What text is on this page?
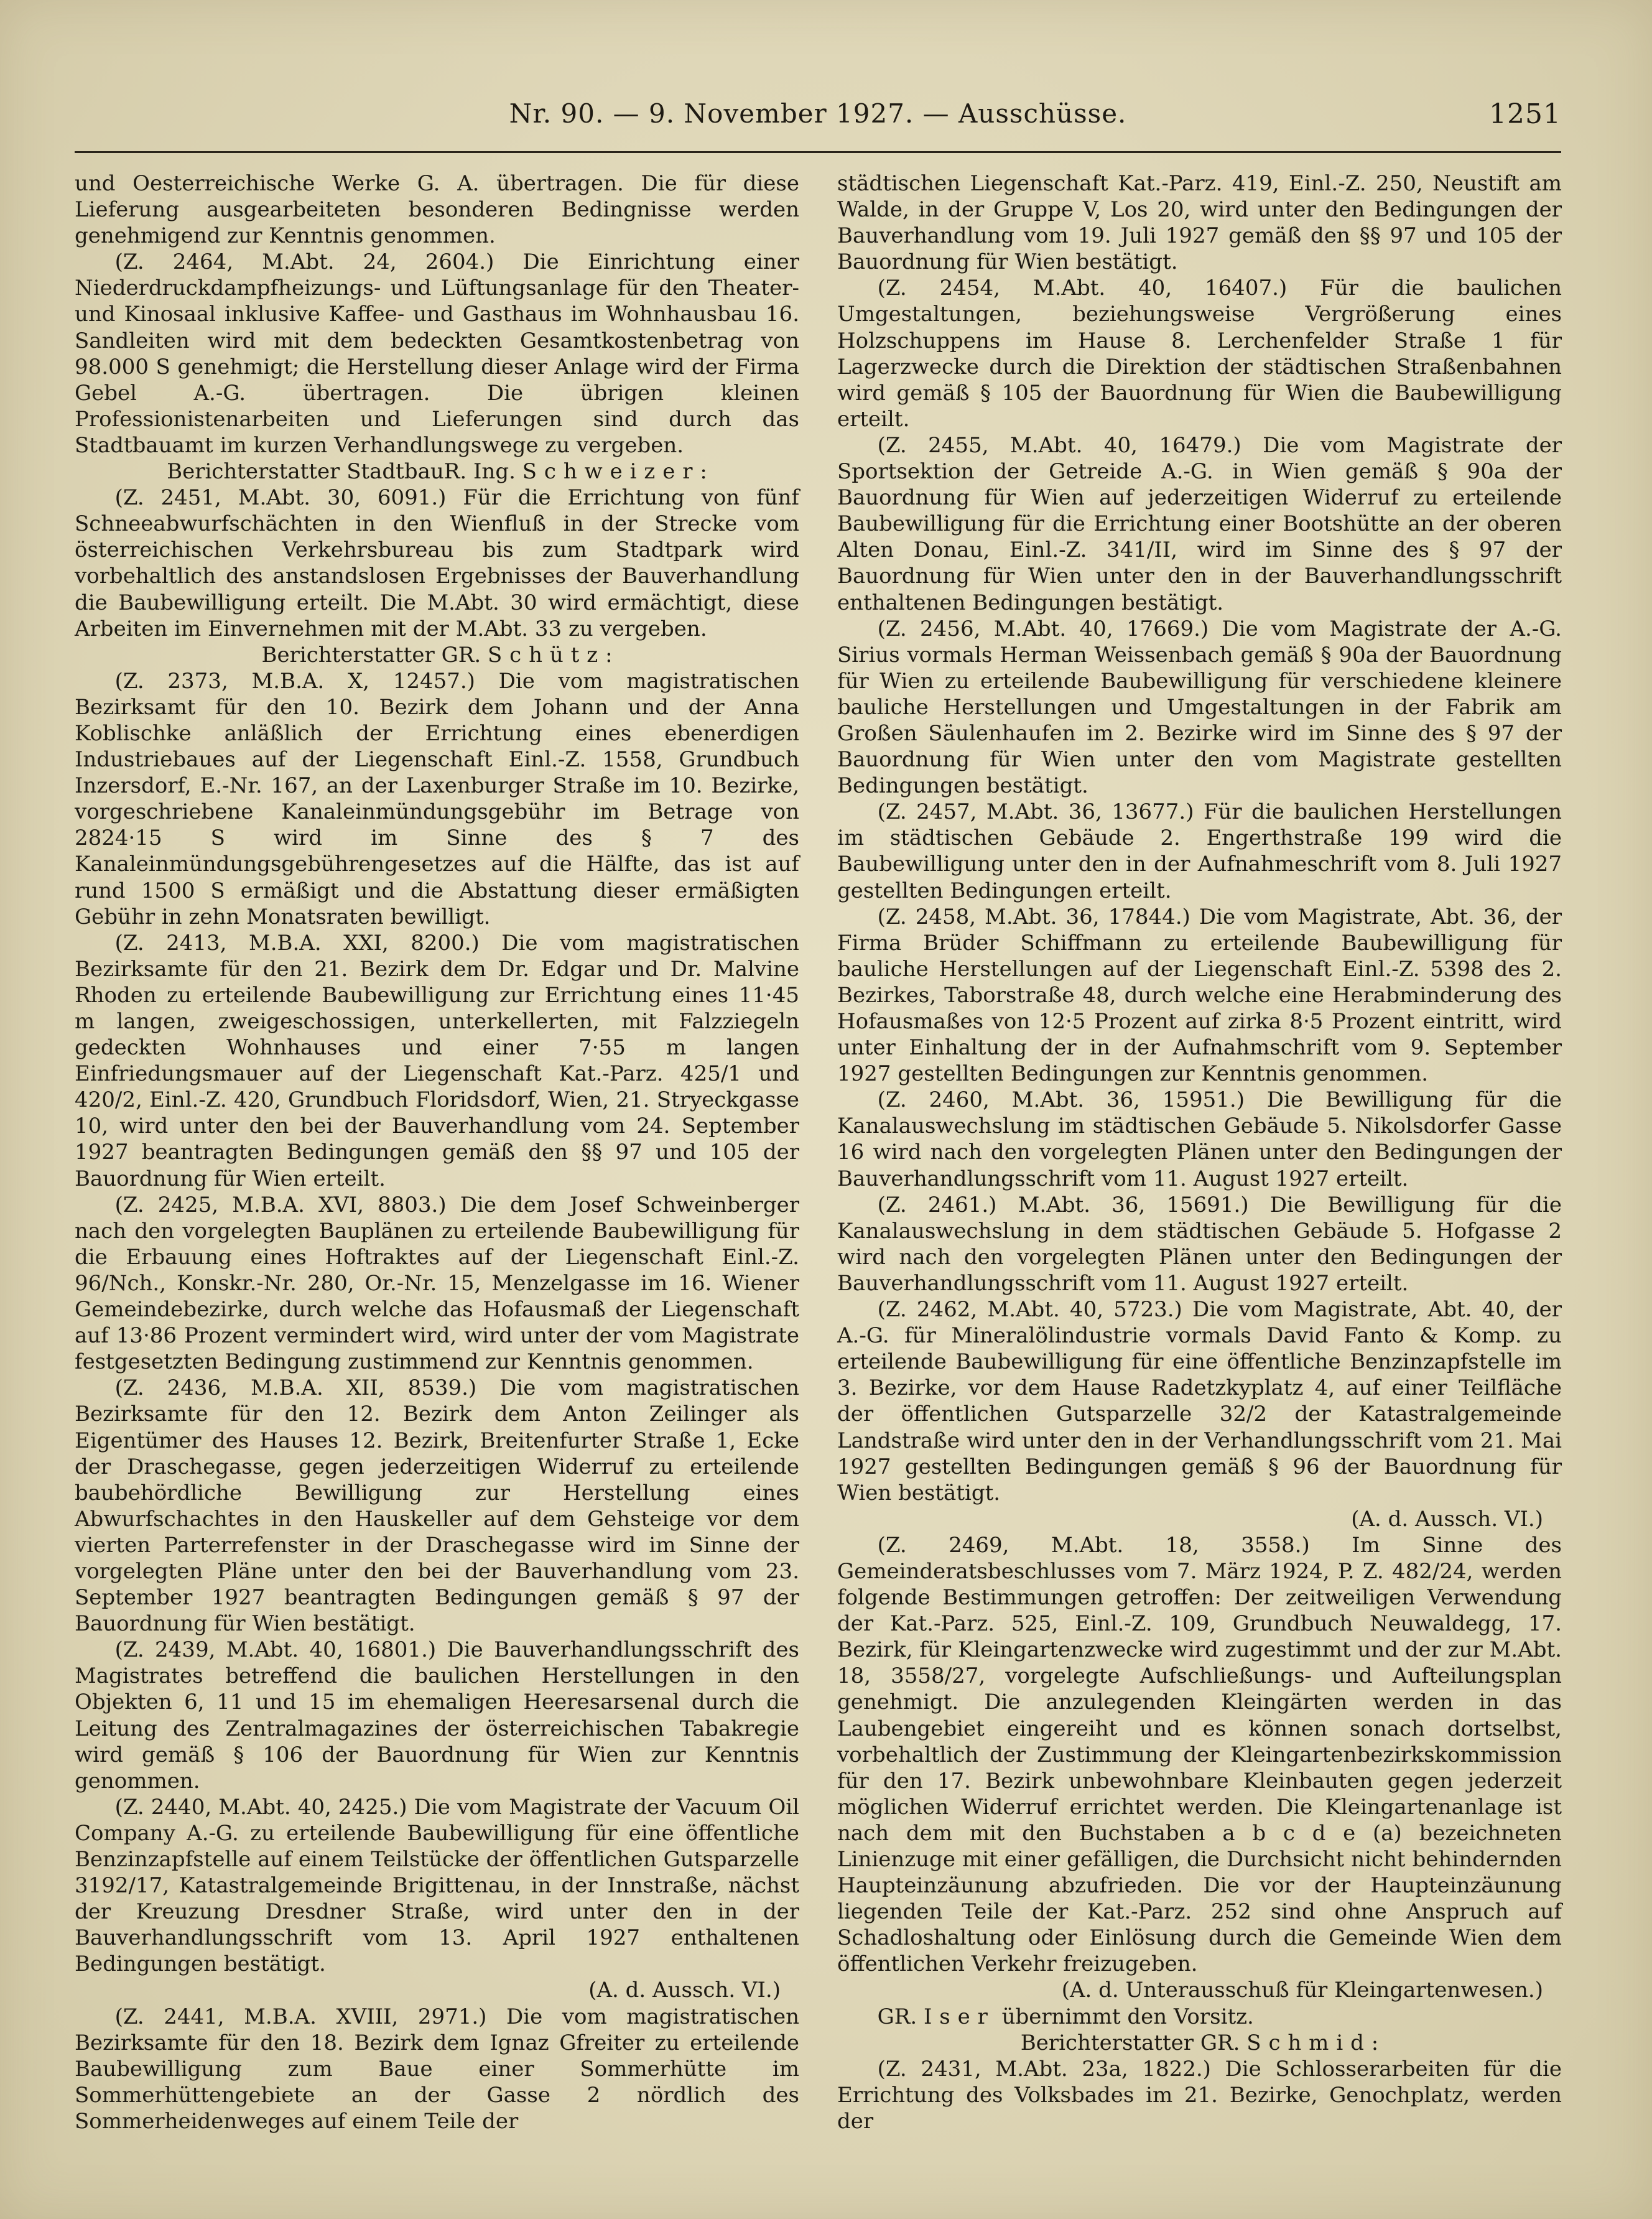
Nr. 90. — 9. November 1927. — Ausschüsse.	1251

und Oesterreichische Werke G. A. übertragen. Die für diese Lieferung ausgearbeiteten besonderen Bedingnisse werden genehmigend zur Kenntnis genommen.

(Z. 2464, M.Abt. 24, 2604.) Die Einrichtung einer Niederdruckdampfheizungs- und Lüftungsanlage für den Theater- und Kinosaal inklusive Kaffee- und Gasthaus im Wohnhausbau 16. Sandleiten wird mit dem bedeckten Gesamtkostenbetrag von 98.000 S genehmigt; die Herstellung dieser Anlage wird der Firma Gebel A.-G. übertragen. Die übrigen kleinen Professionistenarbeiten und Lieferungen sind durch das Stadtbauamt im kurzen Verhandlungswege zu vergeben.

Berichterstatter StadtbauR. Ing. Schweizer:

(Z. 2451, M.Abt. 30, 6091.) Für die Errichtung von fünf Schneeabwurfschächten in den Wienfluß in der Strecke vom österreichischen Verkehrsbureau bis zum Stadtpark wird vorbehaltlich des anstandslosen Ergebnisses der Bauverhandlung die Baubewilligung erteilt. Die M.Abt. 30 wird ermächtigt, diese Arbeiten im Einvernehmen mit der M.Abt. 33 zu vergeben.

Berichterstatter GR. Schütz:

(Z. 2373, M.B.A. X, 12457.) Die vom magistratischen Bezirksamt für den 10. Bezirk dem Johann und der Anna Koblischke anläßlich der Errichtung eines ebenerdigen Industriebaues auf der Liegenschaft Einl.-Z. 1558, Grundbuch Inzersdorf, E.-Nr. 167, an der Laxenburger Straße im 10. Bezirke, vorgeschriebene Kanaleinmündungsgebühr im Betrage von 2824·15 S wird im Sinne des § 7 des Kanaleinmündungsgebührengesetzes auf die Hälfte, das ist auf rund 1500 S ermäßigt und die Abstattung dieser ermäßigten Gebühr in zehn Monatsraten bewilligt.

(Z. 2413, M.B.A. XXI, 8200.) Die vom magistratischen Bezirksamte für den 21. Bezirk dem Dr. Edgar und Dr. Malvine Rhoden zu erteilende Baubewilligung zur Errichtung eines 11·45 m langen, zweigeschossigen, unterkellerten, mit Falzziegeln gedeckten Wohnhauses und einer 7·55 m langen Einfriedungsmauer auf der Liegenschaft Kat.-Parz. 425/1 und 420/2, Einl.-Z. 420, Grundbuch Floridsdorf, Wien, 21. Stryeckgasse 10, wird unter den bei der Bauverhandlung vom 24. September 1927 beantragten Bedingungen gemäß den §§ 97 und 105 der Bauordnung für Wien erteilt.

(Z. 2425, M.B.A. XVI, 8803.) Die dem Josef Schweinberger nach den vorgelegten Bauplänen zu erteilende Baubewilligung für die Erbauung eines Hoftraktes auf der Liegenschaft Einl.-Z. 96/Nch., Konskr.-Nr. 280, Or.-Nr. 15, Menzelgasse im 16. Wiener Gemeindebezirke, durch welche das Hofausmaß der Liegenschaft auf 13·86 Prozent vermindert wird, wird unter der vom Magistrate festgesetzten Bedingung zustimmend zur Kenntnis genommen.

(Z. 2436, M.B.A. XII, 8539.) Die vom magistratischen Bezirksamte für den 12. Bezirk dem Anton Zeilinger als Eigentümer des Hauses 12. Bezirk, Breitenfurter Straße 1, Ecke der Draschegasse, gegen jederzeitigen Widerruf zu erteilende baubehördliche Bewilligung zur Herstellung eines Abwurfschachtes in den Hauskeller auf dem Gehsteige vor dem vierten Parterrefenster in der Draschegasse wird im Sinne der vorgelegten Pläne unter den bei der Bauverhandlung vom 23. September 1927 beantragten Bedingungen gemäß § 97 der Bauordnung für Wien bestätigt.

(Z. 2439, M.Abt. 40, 16801.) Die Bauverhandlungsschrift des Magistrates betreffend die baulichen Herstellungen in den Objekten 6, 11 und 15 im ehemaligen Heeresarsenal durch die Leitung des Zentralmagazines der österreichischen Tabakregie wird gemäß § 106 der Bauordnung für Wien zur Kenntnis genommen.

(Z. 2440, M.Abt. 40, 2425.) Die vom Magistrate der Vacuum Oil Company A.-G. zu erteilende Baubewilligung für eine öffentliche Benzinzapfstelle auf einem Teilstücke der öffentlichen Gutsparzelle 3192/17, Katastralgemeinde Brigittenau, in der Innstraße, nächst der Kreuzung Dresdner Straße, wird unter den in der Bauverhandlungsschrift vom 13. April 1927 enthaltenen Bedingungen bestätigt.

(A. d. Aussch. VI.)

(Z. 2441, M.B.A. XVIII, 2971.) Die vom magistratischen Bezirksamte für den 18. Bezirk dem Ignaz Gfreiter zu erteilende Baubewilligung zum Baue einer Sommerhütte im Sommerhüttengebiete an der Gasse 2 nördlich des Sommerheidenweges auf einem Teile der

städtischen Liegenschaft Kat.-Parz. 419, Einl.-Z. 250, Neustift am Walde, in der Gruppe V, Los 20, wird unter den Bedingungen der Bauverhandlung vom 19. Juli 1927 gemäß den §§ 97 und 105 der Bauordnung für Wien bestätigt.

(Z. 2454, M.Abt. 40, 16407.) Für die baulichen Umgestaltungen, beziehungsweise Vergrößerung eines Holzschuppens im Hause 8. Lerchenfelder Straße 1 für Lagerzwecke durch die Direktion der städtischen Straßenbahnen wird gemäß § 105 der Bauordnung für Wien die Baubewilligung erteilt.

(Z. 2455, M.Abt. 40, 16479.) Die vom Magistrate der Sportsektion der Getreide A.-G. in Wien gemäß § 90a der Bauordnung für Wien auf jederzeitigen Widerruf zu erteilende Baubewilligung für die Errichtung einer Bootshütte an der oberen Alten Donau, Einl.-Z. 341/II, wird im Sinne des § 97 der Bauordnung für Wien unter den in der Bauverhandlungsschrift enthaltenen Bedingungen bestätigt.

(Z. 2456, M.Abt. 40, 17669.) Die vom Magistrate der A.-G. Sirius vormals Herman Weissenbach gemäß § 90a der Bauordnung für Wien zu erteilende Baubewilligung für verschiedene kleinere bauliche Herstellungen und Umgestaltungen in der Fabrik am Großen Säulenhaufen im 2. Bezirke wird im Sinne des § 97 der Bauordnung für Wien unter den vom Magistrate gestellten Bedingungen bestätigt.

(Z. 2457, M.Abt. 36, 13677.) Für die baulichen Herstellungen im städtischen Gebäude 2. Engerthstraße 199 wird die Baubewilligung unter den in der Aufnahmeschrift vom 8. Juli 1927 gestellten Bedingungen erteilt.

(Z. 2458, M.Abt. 36, 17844.) Die vom Magistrate, Abt. 36, der Firma Brüder Schiffmann zu erteilende Baubewilligung für bauliche Herstellungen auf der Liegenschaft Einl.-Z. 5398 des 2. Bezirkes, Taborstraße 48, durch welche eine Herabminderung des Hofausmaßes von 12·5 Prozent auf zirka 8·5 Prozent eintritt, wird unter Einhaltung der in der Aufnahmschrift vom 9. September 1927 gestellten Bedingungen zur Kenntnis genommen.

(Z. 2460, M.Abt. 36, 15951.) Die Bewilligung für die Kanalauswechslung im städtischen Gebäude 5. Nikolsdorfer Gasse 16 wird nach den vorgelegten Plänen unter den Bedingungen der Bauverhandlungsschrift vom 11. August 1927 erteilt.

(Z. 2461.) M.Abt. 36, 15691.) Die Bewilligung für die Kanalauswechslung in dem städtischen Gebäude 5. Hofgasse 2 wird nach den vorgelegten Plänen unter den Bedingungen der Bauverhandlungsschrift vom 11. August 1927 erteilt.

(Z. 2462, M.Abt. 40, 5723.) Die vom Magistrate, Abt. 40, der A.-G. für Mineralölindustrie vormals David Fanto & Komp. zu erteilende Baubewilligung für eine öffentliche Benzinzapfstelle im 3. Bezirke, vor dem Hause Radetzkyplatz 4, auf einer Teilfläche der öffentlichen Gutsparzelle 32/2 der Katastralgemeinde Landstraße wird unter den in der Verhandlungsschrift vom 21. Mai 1927 gestellten Bedingungen gemäß § 96 der Bauordnung für Wien bestätigt.

(A. d. Aussch. VI.)

(Z. 2469, M.Abt. 18, 3558.) Im Sinne des Gemeinderatsbeschlusses vom 7. März 1924, P. Z. 482/24, werden folgende Bestimmungen getroffen: Der zeitweiligen Verwendung der Kat.-Parz. 525, Einl.-Z. 109, Grundbuch Neuwaldegg, 17. Bezirk, für Kleingartenzwecke wird zugestimmt und der zur M.Abt. 18, 3558/27, vorgelegte Aufschließungs- und Aufteilungsplan genehmigt. Die anzulegenden Kleingärten werden in das Laubengebiet eingereiht und es können sonach dortselbst, vorbehaltlich der Zustimmung der Kleingartenbezirkskommission für den 17. Bezirk unbewohnbare Kleinbauten gegen jederzeit möglichen Widerruf errichtet werden. Die Kleingartenanlage ist nach dem mit den Buchstaben a b c d e (a) bezeichneten Linienzuge mit einer gefälligen, die Durchsicht nicht behindernden Haupteinzäunung abzufrieden. Die vor der Haupteinzäunung liegenden Teile der Kat.-Parz. 252 sind ohne Anspruch auf Schadloshaltung oder Einlösung durch die Gemeinde Wien dem öffentlichen Verkehr freizugeben.

(A. d. Unterausschuß für Kleingartenwesen.)

GR. Iser übernimmt den Vorsitz.

Berichterstatter GR. Schmid:

(Z. 2431, M.Abt. 23a, 1822.) Die Schlosserarbeiten für die Errichtung des Volksbades im 21. Bezirke, Genochplatz, werden der
